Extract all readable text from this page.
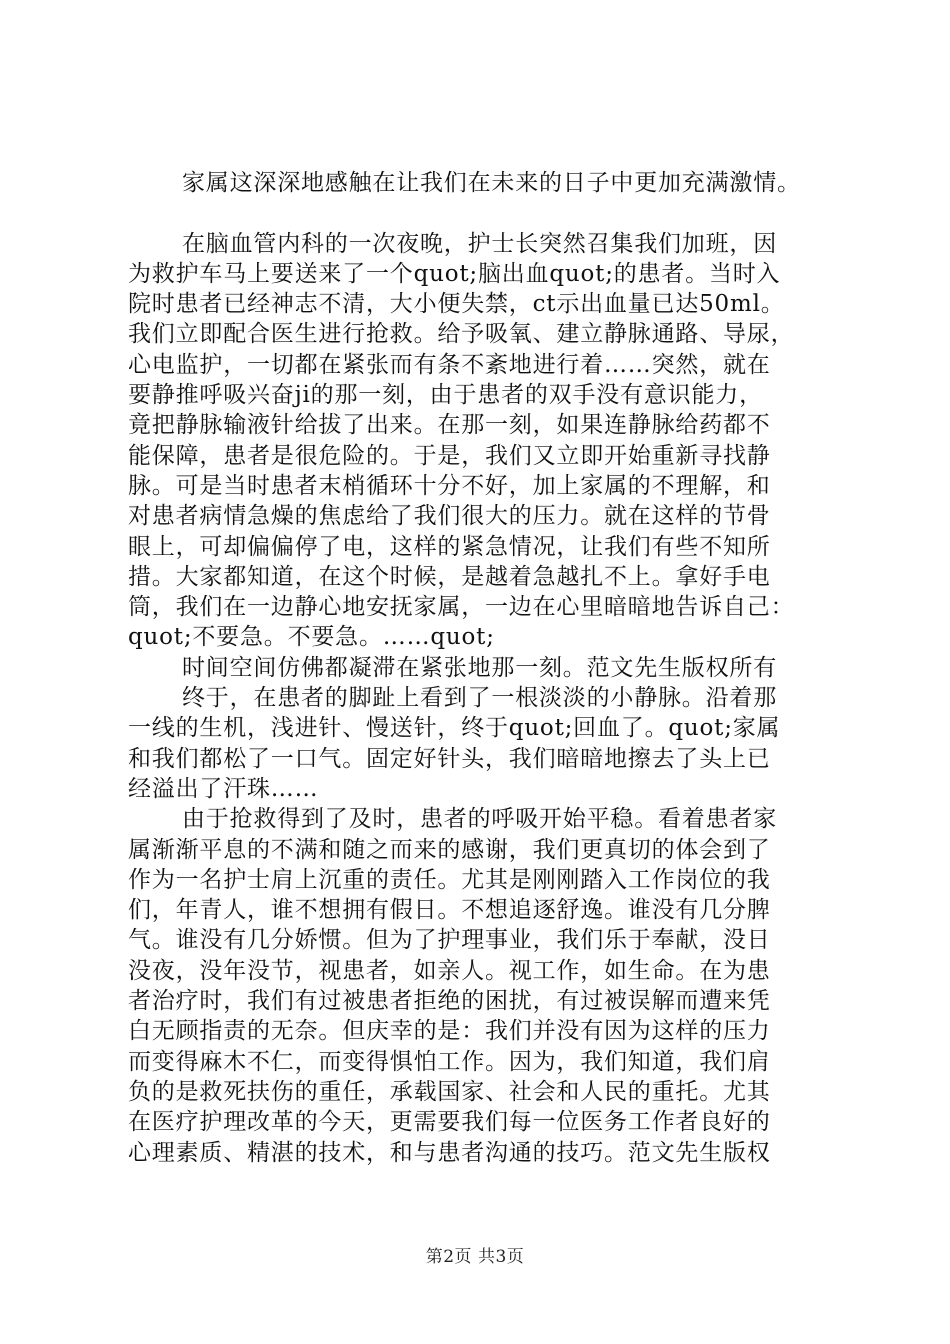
家属这深深地感触在让我们在未来的日子中更加充满激情。
在脑血管内科的一次夜晚，护士长突然召集我们加班，因
为救护车马上要送来了一个quot;脑出血quot;的患者。当时入
院时患者已经神志不清，大小便失禁，ct示出血量已达50ml。
我们立即配合医生进行抢救。给予吸氧、建立静脉通路、导尿，
心电监护，一切都在紧张而有条不紊地进行着……突然，就在
要静推呼吸兴奋ji的那一刻，由于患者的双手没有意识能力，
竟把静脉输液针给拔了出来。在那一刻，如果连静脉给药都不
能保障，患者是很危险的。于是，我们又立即开始重新寻找静
脉。可是当时患者末梢循环十分不好，加上家属的不理解，和
对患者病情急燥的焦虑给了我们很大的压力。就在这样的节骨
眼上，可却偏偏停了电，这样的紧急情况，让我们有些不知所
措。大家都知道，在这个时候，是越着急越扎不上。拿好手电
筒，我们在一边静心地安抚家属，一边在心里暗暗地告诉自己：
quot;不要急。不要急。……quot;
时间空间仿佛都凝滞在紧张地那一刻。范文先生版权所有
终于，在患者的脚趾上看到了一根淡淡的小静脉。沿着那
一线的生机，浅进针、慢送针，终于quot;回血了。quot;家属
和我们都松了一口气。固定好针头，我们暗暗地擦去了头上已
经溢出了汗珠……
由于抢救得到了及时，患者的呼吸开始平稳。看着患者家
属渐渐平息的不满和随之而来的感谢，我们更真切的体会到了
作为一名护士肩上沉重的责任。尤其是刚刚踏入工作岗位的我
们，年青人，谁不想拥有假日。不想追逐舒逸。谁没有几分脾
气。谁没有几分娇惯。但为了护理事业，我们乐于奉献，没日
没夜，没年没节，视患者，如亲人。视工作，如生命。在为患
者治疗时，我们有过被患者拒绝的困扰，有过被误解而遭来凭
白无顾指责的无奈。但庆幸的是：我们并没有因为这样的压力
而变得麻木不仁，而变得惧怕工作。因为，我们知道，我们肩
负的是救死扶伤的重任，承载国家、社会和人民的重托。尤其
在医疗护理改革的今天，更需要我们每一位医务工作者良好的
心理素质、精湛的技术，和与患者沟通的技巧。范文先生版权
第2页 共3页
